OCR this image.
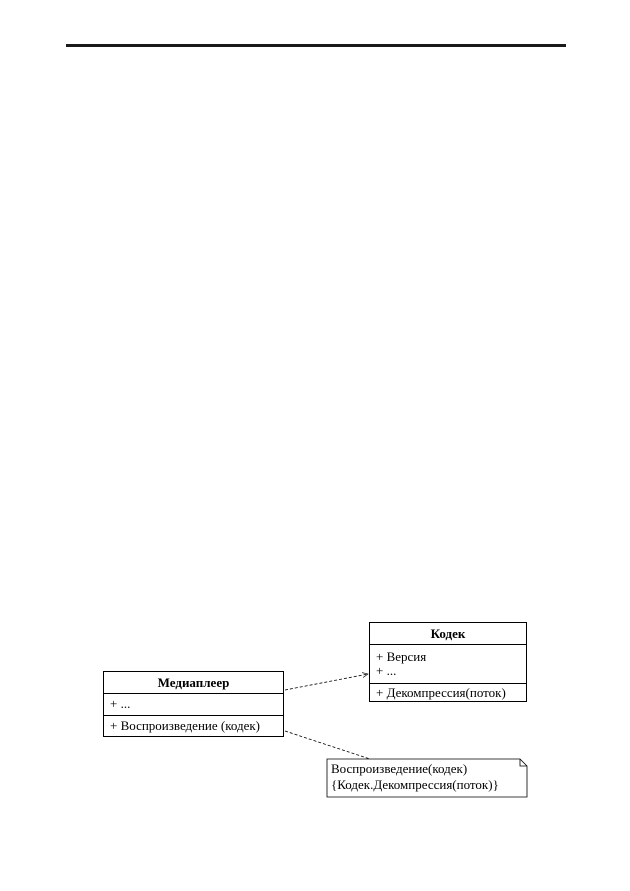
Кодек
+ Версия
+ ...
+ Декомпрессия(поток)
Медиаплеер
+ ...
+ Воспроизведение (кодек)
Воспроизведение(кодек)
{Кодек.Декомпрессия(поток)}
